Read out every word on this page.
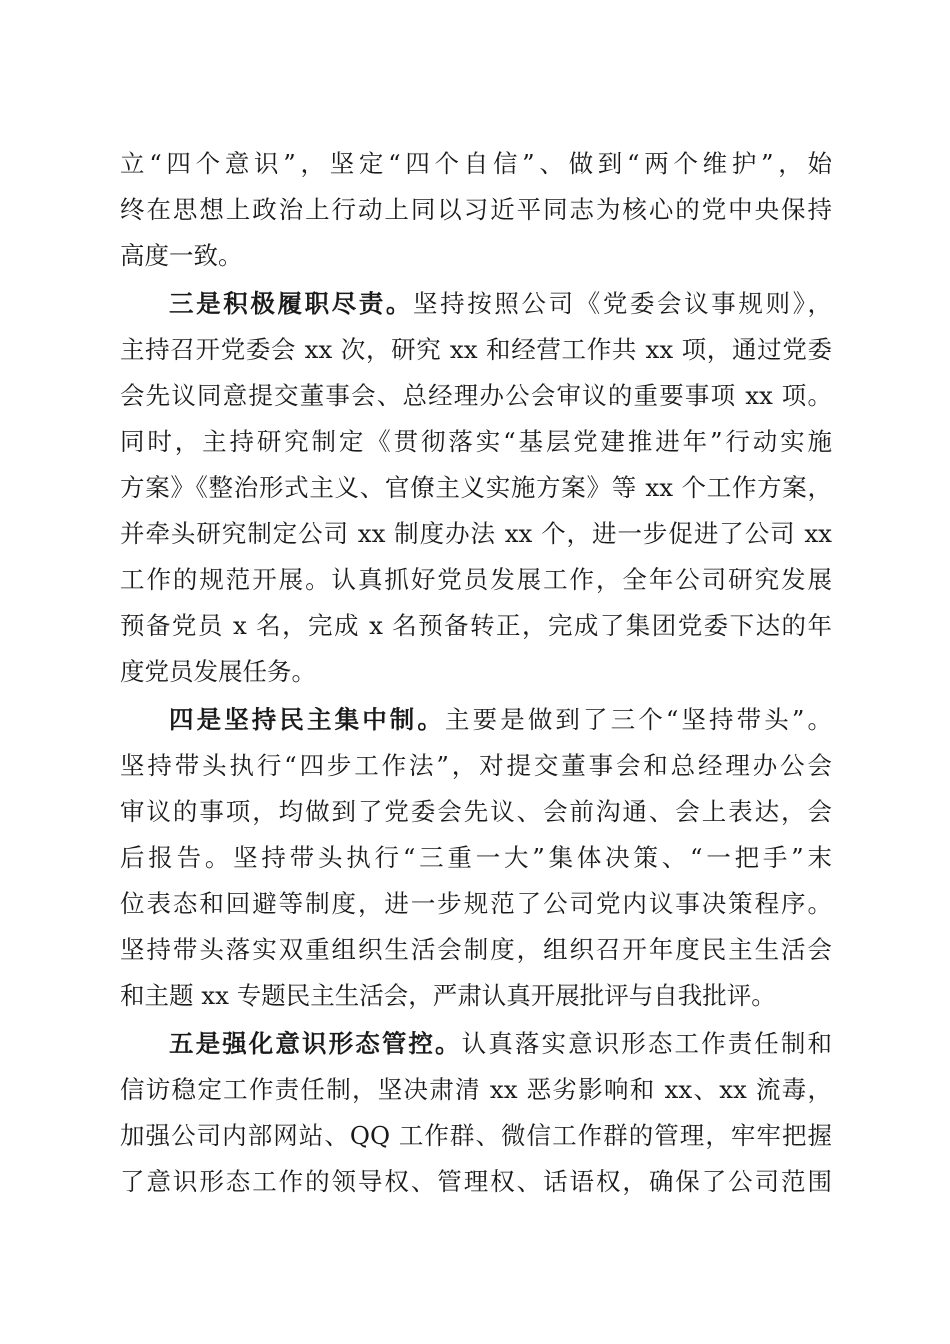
立“四个意识”，坚定“四个自信”、做到“两个维护”，始
终在思想上政治上行动上同以习近平同志为核心的党中央保持
高度一致。
三是积极履职尽责。坚持按照公司《党委会议事规则》，
主持召开党委会 xx 次，研究 xx 和经营工作共 xx 项，通过党委
会先议同意提交董事会、总经理办公会审议的重要事项 xx 项。
同时，主持研究制定《贯彻落实“基层党建推进年”行动实施
方案》《整治形式主义、官僚主义实施方案》等 xx 个工作方案，
并牵头研究制定公司 xx 制度办法 xx 个，进一步促进了公司 xx
工作的规范开展。认真抓好党员发展工作，全年公司研究发展
预备党员 x 名，完成 x 名预备转正，完成了集团党委下达的年
度党员发展任务。
四是坚持民主集中制。主要是做到了三个“坚持带头”。
坚持带头执行“四步工作法”，对提交董事会和总经理办公会
审议的事项，均做到了党委会先议、会前沟通、会上表达，会
后报告。坚持带头执行“三重一大”集体决策、“一把手”末
位表态和回避等制度，进一步规范了公司党内议事决策程序。
坚持带头落实双重组织生活会制度，组织召开年度民主生活会
和主题 xx 专题民主生活会，严肃认真开展批评与自我批评。
五是强化意识形态管控。认真落实意识形态工作责任制和
信访稳定工作责任制，坚决肃清 xx 恶劣影响和 xx、xx 流毒，
加强公司内部网站、QQ 工作群、微信工作群的管理，牢牢把握
了意识形态工作的领导权、管理权、话语权，确保了公司范围
